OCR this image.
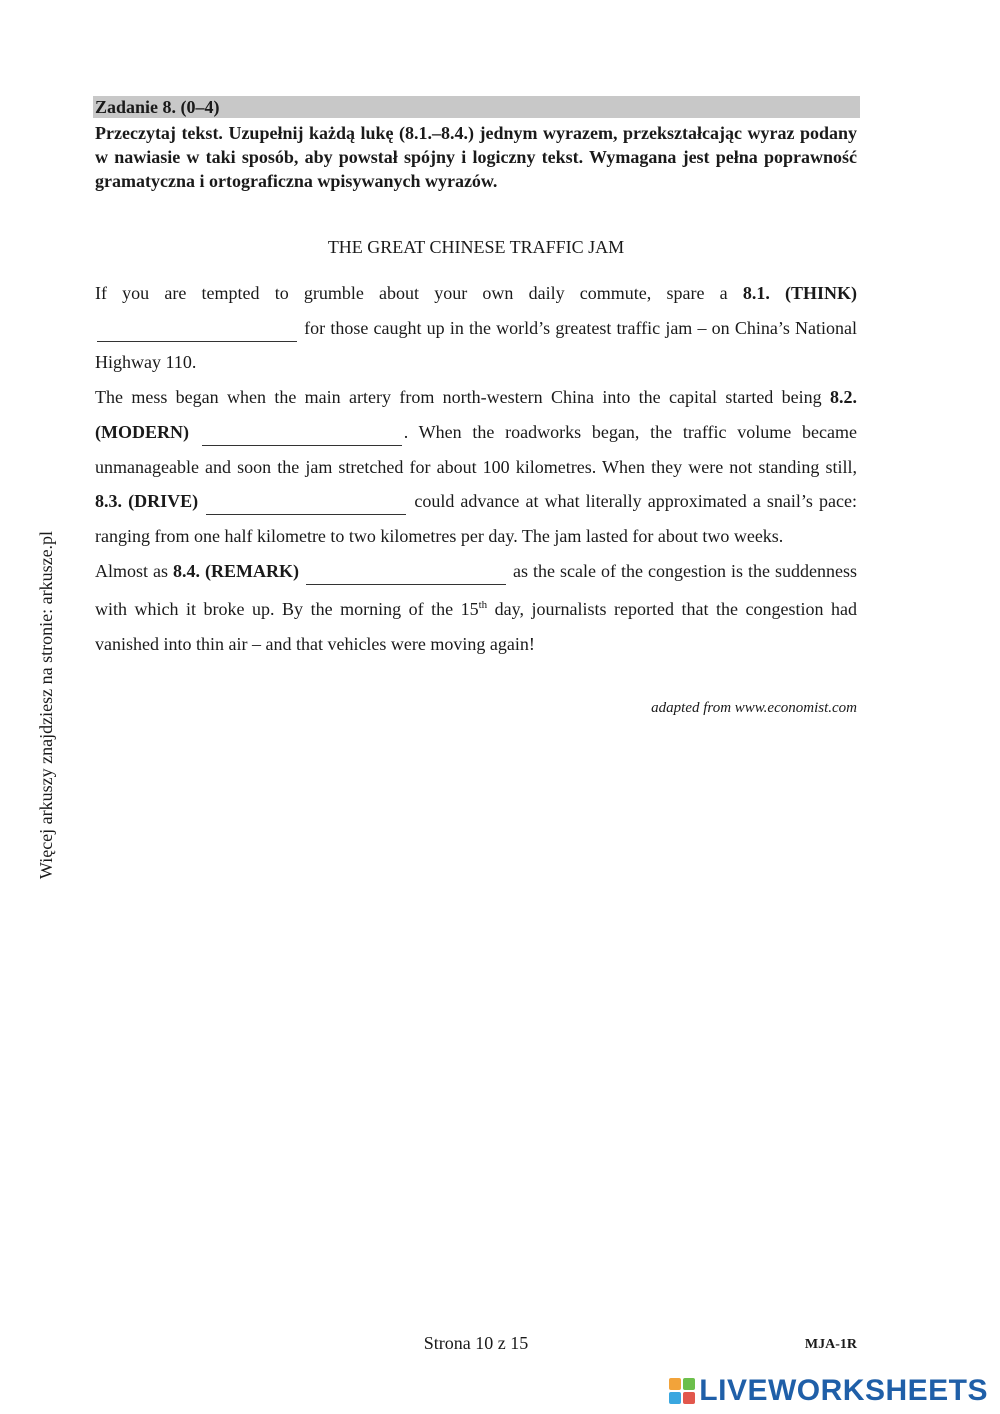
Zadanie 8. (0–4)
Przeczytaj tekst. Uzupełnij każdą lukę (8.1.–8.4.) jednym wyrazem, przekształcając wyraz podany w nawiasie w taki sposób, aby powstał spójny i logiczny tekst. Wymagana jest pełna poprawność gramatyczna i ortograficzna wpisywanych wyrazów.
THE GREAT CHINESE TRAFFIC JAM

If you are tempted to grumble about your own daily commute, spare a 8.1. (THINK)  for those caught up in the world’s greatest traffic jam – on China’s National Highway 110.

The mess began when the main artery from north-western China into the capital started being 8.2. (MODERN)	. When the roadworks began, the traffic volume became unmanageable and soon the jam stretched for about 100 kilometres. When they were not standing still, 8.3. (DRIVE)	could advance at what literally approximated a snail’s pace: ranging from one half kilometre to two kilometres per day. The jam lasted for about two weeks.

Almost as 8.4. (REMARK)	as the scale of the congestion is the suddenness with which it broke up. By the morning of the 15th day, journalists reported that the congestion had vanished into thin air – and that vehicles were moving again!

adapted from www.economist.com
Więcej arkuszy znajdziesz na stronie: arkusze.pl
Strona 10 z 15	MJA-1R
LIVEWORKSHEETS
